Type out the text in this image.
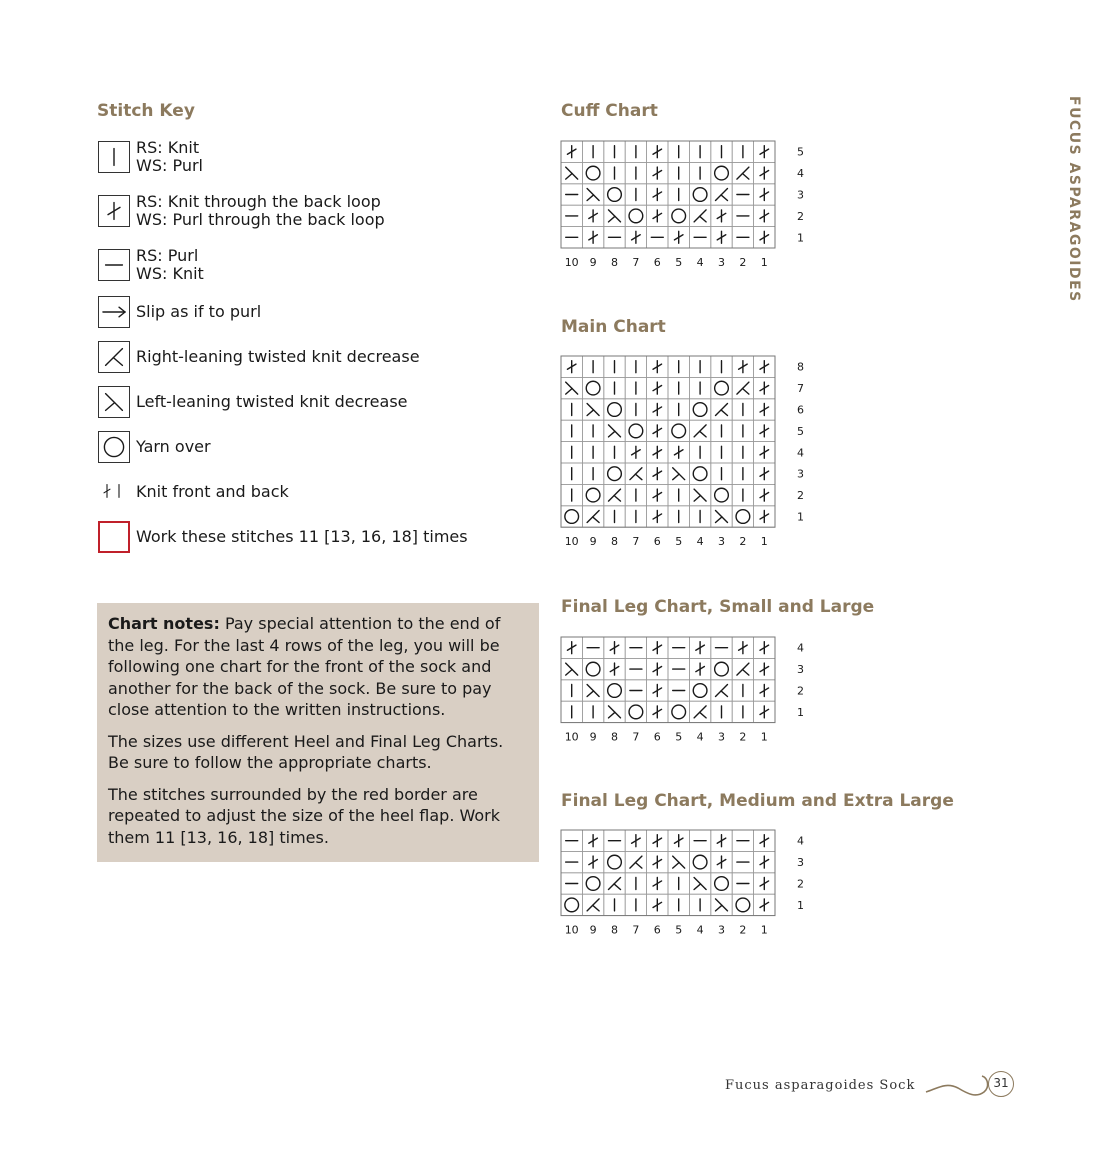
FUCUS ASPARAGOIDES
Stitch Key
RS: Knit
WS: Purl
RS: Knit through the back loop
WS: Purl through the back loop
RS: Purl
WS: Knit
Slip as if to purl
Right-leaning twisted knit decrease
Left-leaning twisted knit decrease
Yarn over
Knit front and back
Work these stitches 11 [13, 16, 18] times

Chart notes: Pay special attention to the end of the leg. For the last 4 rows of the leg, you will be following one chart for the front of the sock and another for the back of the sock. Be sure to pay close attention to the written instructions.

The sizes use different Heel and Final Leg Charts. Be sure to follow the appropriate charts.

The stitches surrounded by the red border are repeated to adjust the size of the heel flap. Work them 11 [13, 16, 18] times.

Cuff Chart
5
4
3
2
1
10 9 8 7 6 5 4 3 2 1
Main Chart
8
7
6
5
4
3
2
1
10 9 8 7 6 5 4 3 2 1
Final Leg Chart, Small and Large
4
3
2
1
10 9 8 7 6 5 4 3 2 1
Final Leg Chart, Medium and Extra Large
4
3
2
1
10 9 8 7 6 5 4 3 2 1
Fucus asparagoides Sock	31
